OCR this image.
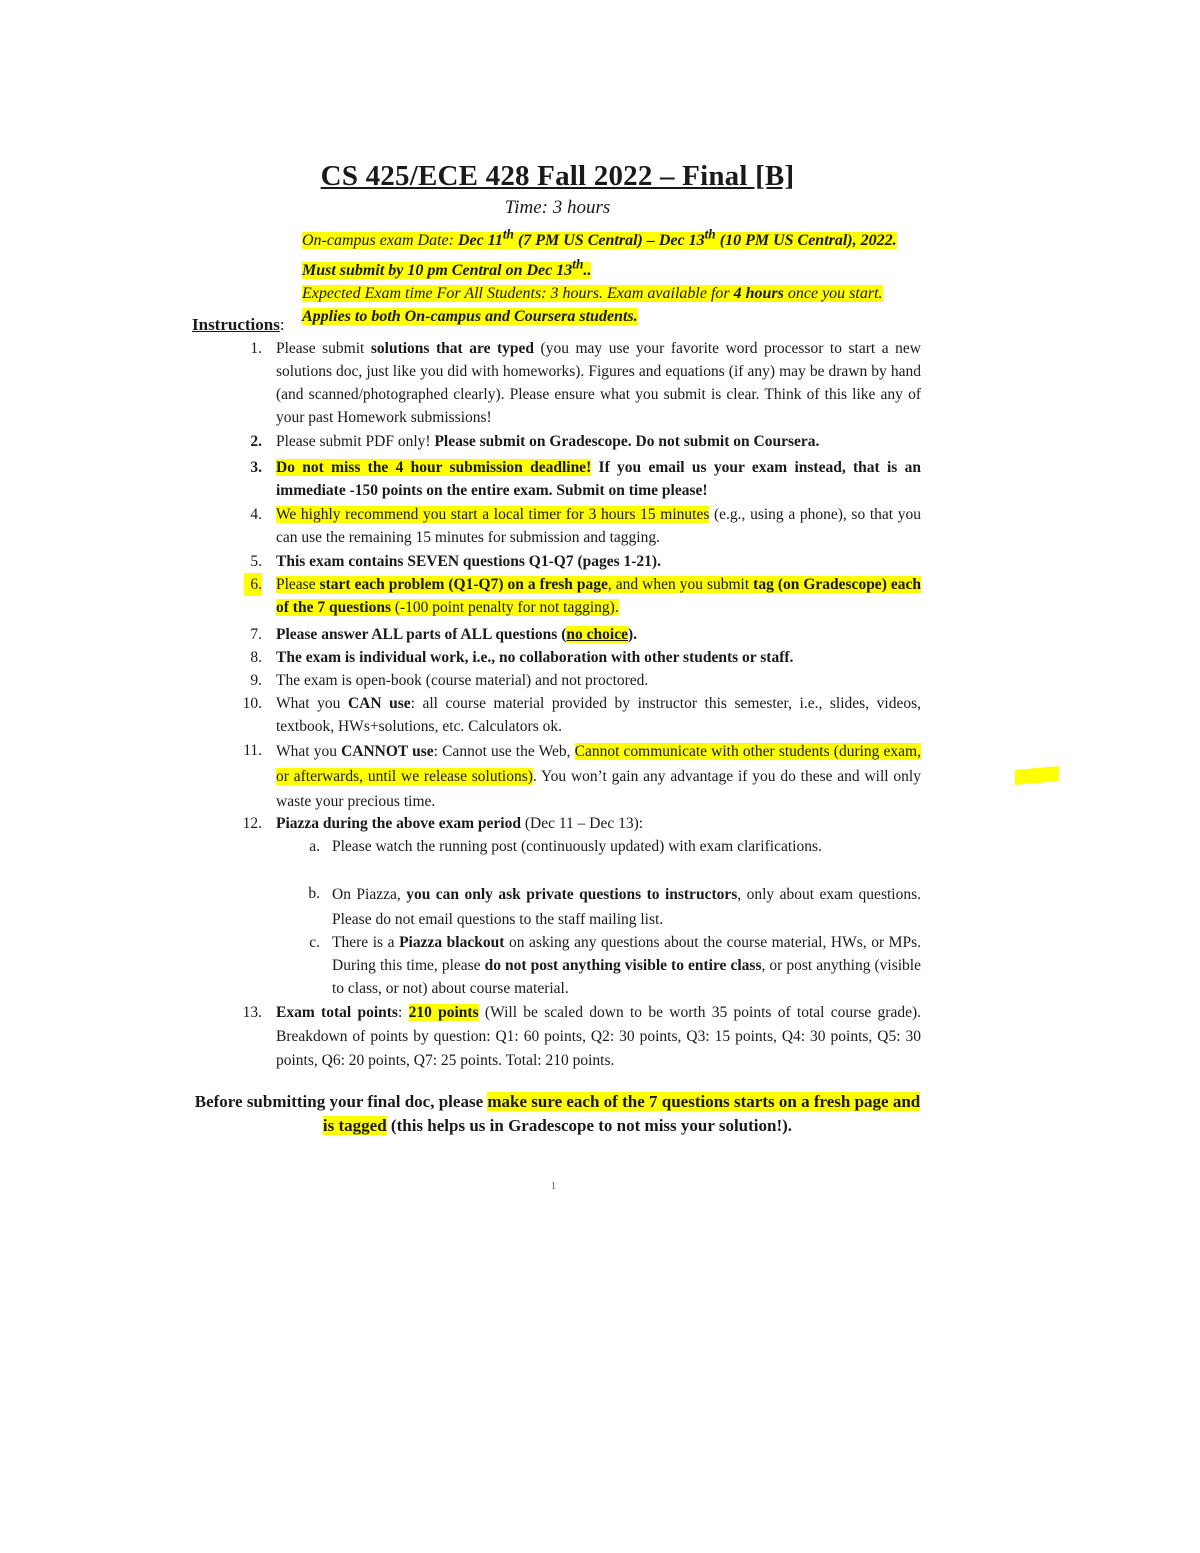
CS 425/ECE 428 Fall 2022 – Final [B]
Time: 3 hours
On-campus exam Date: Dec 11th (7 PM US Central) – Dec 13th (10 PM US Central), 2022. Must submit by 10 pm Central on Dec 13th..
Expected Exam time For All Students: 3 hours. Exam available for 4 hours once you start. Applies to both On-campus and Coursera students.
Instructions:
1. Please submit solutions that are typed (you may use your favorite word processor to start a new solutions doc, just like you did with homeworks). Figures and equations (if any) may be drawn by hand (and scanned/photographed clearly). Please ensure what you submit is clear. Think of this like any of your past Homework submissions!
2. Please submit PDF only! Please submit on Gradescope. Do not submit on Coursera.
3. Do not miss the 4 hour submission deadline! If you email us your exam instead, that is an immediate -150 points on the entire exam. Submit on time please!
4. We highly recommend you start a local timer for 3 hours 15 minutes (e.g., using a phone), so that you can use the remaining 15 minutes for submission and tagging.
5. This exam contains SEVEN questions Q1-Q7 (pages 1-21).
6. Please start each problem (Q1-Q7) on a fresh page, and when you submit tag (on Gradescope) each of the 7 questions (-100 point penalty for not tagging).
7. Please answer ALL parts of ALL questions (no choice).
8. The exam is individual work, i.e., no collaboration with other students or staff.
9. The exam is open-book (course material) and not proctored.
10. What you CAN use: all course material provided by instructor this semester, i.e., slides, videos, textbook, HWs+solutions, etc. Calculators ok.
11. What you CANNOT use: Cannot use the Web, Cannot communicate with other students (during exam, or afterwards, until we release solutions). You won’t gain any advantage if you do these and will only waste your precious time.
12. Piazza during the above exam period (Dec 11 – Dec 13):
a. Please watch the running post (continuously updated) with exam clarifications.
b. On Piazza, you can only ask private questions to instructors, only about exam questions. Please do not email questions to the staff mailing list.
c. There is a Piazza blackout on asking any questions about the course material, HWs, or MPs. During this time, please do not post anything visible to entire class, or post anything (visible to class, or not) about course material.
13. Exam total points: 210 points (Will be scaled down to be worth 35 points of total course grade). Breakdown of points by question: Q1: 60 points, Q2: 30 points, Q3: 15 points, Q4: 30 points, Q5: 30 points, Q6: 20 points, Q7: 25 points. Total: 210 points.
Before submitting your final doc, please make sure each of the 7 questions starts on a fresh page and is tagged (this helps us in Gradescope to not miss your solution!).
1
